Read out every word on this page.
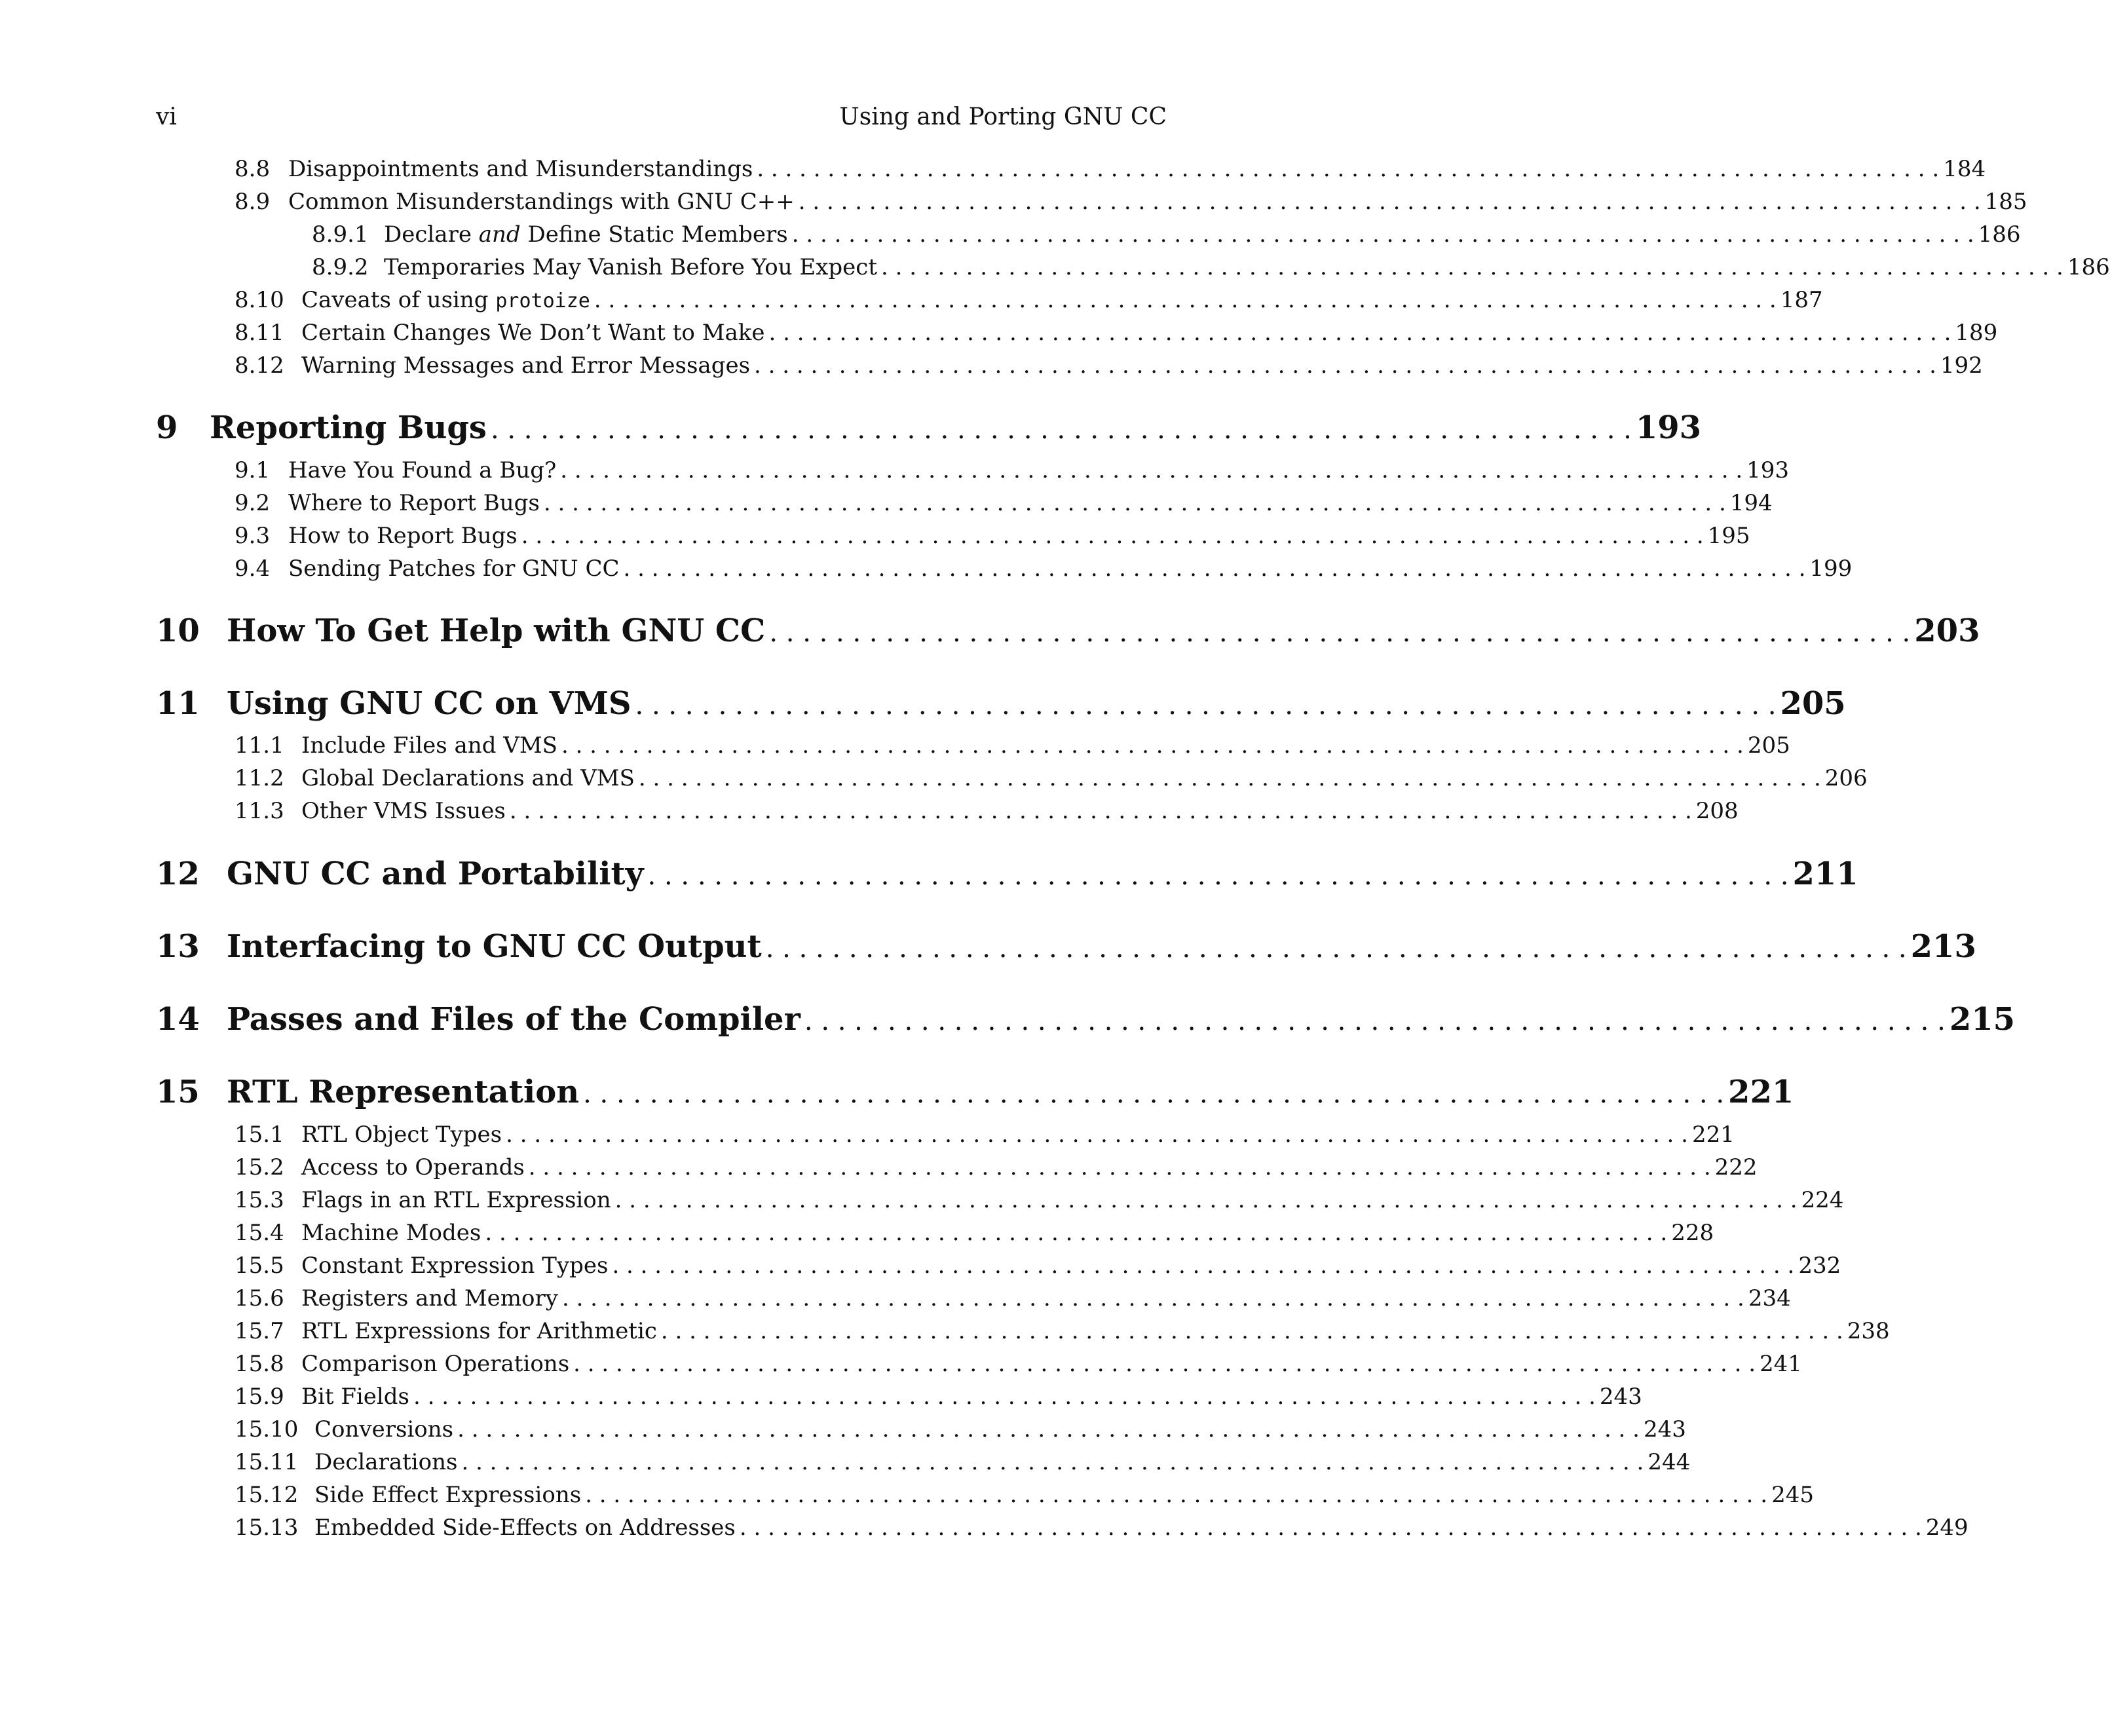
vi	Using and Porting GNU CC
8.8 Disappointments and Misunderstandings . . . . . . . . . . . . . . . . . . . . . . . . . . . . . . . . . . . . . . . . . . . . . . . . . . . . . . . . . . . . . . . . . . . . . . . . . . . . . . . . . . . . 184
8.9 Common Misunderstandings with GNU C++ . . . . . . . . . . . . . . . . . . . . . . . . . . . . . . . . . . . . . . . . . . . . . . . . . . . . . . . . . . . . . . . . . . . . . . . . . . . . . . . . . . . . 185
8.9.1 Declare and Define Static Members . . . . . . . . . . . . . . . . . . . . . . . . . . . . . . . . . . . . . . . . . . . . . . . . . . . . . . . . . . . . . . . . . . . . . . . . . . . . . . . . . . . . 186
8.9.2 Temporaries May Vanish Before You Expect . . . . . . . . . . . . . . . . . . . . . . . . . . . . . . . . . . . . . . . . . . . . . . . . . . . . . . . . . . . . . . . . . . . . . . . . . . . . . . . . . . . . 186
8.10 Caveats of using protoize . . . . . . . . . . . . . . . . . . . . . . . . . . . . . . . . . . . . . . . . . . . . . . . . . . . . . . . . . . . . . . . . . . . . . . . . . . . . . . . . . . . . 187
8.11 Certain Changes We Don’t Want to Make . . . . . . . . . . . . . . . . . . . . . . . . . . . . . . . . . . . . . . . . . . . . . . . . . . . . . . . . . . . . . . . . . . . . . . . . . . . . . . . . . . . . 189
8.12 Warning Messages and Error Messages . . . . . . . . . . . . . . . . . . . . . . . . . . . . . . . . . . . . . . . . . . . . . . . . . . . . . . . . . . . . . . . . . . . . . . . . . . . . . . . . . . . . 192
9	Reporting Bugs . . . . . . . . . . . . . . . . . . . . . . . . . . . . . . . . . . . . . . . . . . . . . . . . . . . . . . . . . . . . . . . . . . . . . 193
9.1 Have You Found a Bug? . . . . . . . . . . . . . . . . . . . . . . . . . . . . . . . . . . . . . . . . . . . . . . . . . . . . . . . . . . . . . . . . . . . . . . . . . . . . . . . . . . . . 193
9.2 Where to Report Bugs . . . . . . . . . . . . . . . . . . . . . . . . . . . . . . . . . . . . . . . . . . . . . . . . . . . . . . . . . . . . . . . . . . . . . . . . . . . . . . . . . . . . 194
9.3 How to Report Bugs . . . . . . . . . . . . . . . . . . . . . . . . . . . . . . . . . . . . . . . . . . . . . . . . . . . . . . . . . . . . . . . . . . . . . . . . . . . . . . . . . . . . 195
9.4 Sending Patches for GNU CC . . . . . . . . . . . . . . . . . . . . . . . . . . . . . . . . . . . . . . . . . . . . . . . . . . . . . . . . . . . . . . . . . . . . . . . . . . . . . . . . . . . . 199
10 How To Get Help with GNU CC . . . . . . . . . . . . . . . . . . . . . . . . . . . . . . . . . . . . . . . . . . . . . . . . . . . . . . . . . . . . . . . . . . . . . 203
11 Using GNU CC on VMS . . . . . . . . . . . . . . . . . . . . . . . . . . . . . . . . . . . . . . . . . . . . . . . . . . . . . . . . . . . . . . . . . . . . . 205
11.1 Include Files and VMS . . . . . . . . . . . . . . . . . . . . . . . . . . . . . . . . . . . . . . . . . . . . . . . . . . . . . . . . . . . . . . . . . . . . . . . . . . . . . . . . . . . . 205
11.2 Global Declarations and VMS . . . . . . . . . . . . . . . . . . . . . . . . . . . . . . . . . . . . . . . . . . . . . . . . . . . . . . . . . . . . . . . . . . . . . . . . . . . . . . . . . . . . 206
11.3 Other VMS Issues . . . . . . . . . . . . . . . . . . . . . . . . . . . . . . . . . . . . . . . . . . . . . . . . . . . . . . . . . . . . . . . . . . . . . . . . . . . . . . . . . . . . 208
12 GNU CC and Portability . . . . . . . . . . . . . . . . . . . . . . . . . . . . . . . . . . . . . . . . . . . . . . . . . . . . . . . . . . . . . . . . . . . . . 211
13 Interfacing to GNU CC Output . . . . . . . . . . . . . . . . . . . . . . . . . . . . . . . . . . . . . . . . . . . . . . . . . . . . . . . . . . . . . . . . . . . . . 213
14 Passes and Files of the Compiler . . . . . . . . . . . . . . . . . . . . . . . . . . . . . . . . . . . . . . . . . . . . . . . . . . . . . . . . . . . . . . . . . . . . . 215
15 RTL Representation . . . . . . . . . . . . . . . . . . . . . . . . . . . . . . . . . . . . . . . . . . . . . . . . . . . . . . . . . . . . . . . . . . . . . 221
15.1 RTL Object Types . . . . . . . . . . . . . . . . . . . . . . . . . . . . . . . . . . . . . . . . . . . . . . . . . . . . . . . . . . . . . . . . . . . . . . . . . . . . . . . . . . . . 221
15.2 Access to Operands . . . . . . . . . . . . . . . . . . . . . . . . . . . . . . . . . . . . . . . . . . . . . . . . . . . . . . . . . . . . . . . . . . . . . . . . . . . . . . . . . . . . 222
15.3 Flags in an RTL Expression . . . . . . . . . . . . . . . . . . . . . . . . . . . . . . . . . . . . . . . . . . . . . . . . . . . . . . . . . . . . . . . . . . . . . . . . . . . . . . . . . . . . 224
15.4 Machine Modes . . . . . . . . . . . . . . . . . . . . . . . . . . . . . . . . . . . . . . . . . . . . . . . . . . . . . . . . . . . . . . . . . . . . . . . . . . . . . . . . . . . . 228
15.5 Constant Expression Types . . . . . . . . . . . . . . . . . . . . . . . . . . . . . . . . . . . . . . . . . . . . . . . . . . . . . . . . . . . . . . . . . . . . . . . . . . . . . . . . . . . . 232
15.6 Registers and Memory . . . . . . . . . . . . . . . . . . . . . . . . . . . . . . . . . . . . . . . . . . . . . . . . . . . . . . . . . . . . . . . . . . . . . . . . . . . . . . . . . . . . 234
15.7 RTL Expressions for Arithmetic . . . . . . . . . . . . . . . . . . . . . . . . . . . . . . . . . . . . . . . . . . . . . . . . . . . . . . . . . . . . . . . . . . . . . . . . . . . . . . . . . . . . 238
15.8 Comparison Operations . . . . . . . . . . . . . . . . . . . . . . . . . . . . . . . . . . . . . . . . . . . . . . . . . . . . . . . . . . . . . . . . . . . . . . . . . . . . . . . . . . . . 241
15.9 Bit Fields . . . . . . . . . . . . . . . . . . . . . . . . . . . . . . . . . . . . . . . . . . . . . . . . . . . . . . . . . . . . . . . . . . . . . . . . . . . . . . . . . . . . 243
15.10 Conversions . . . . . . . . . . . . . . . . . . . . . . . . . . . . . . . . . . . . . . . . . . . . . . . . . . . . . . . . . . . . . . . . . . . . . . . . . . . . . . . . . . . . 243
15.11 Declarations . . . . . . . . . . . . . . . . . . . . . . . . . . . . . . . . . . . . . . . . . . . . . . . . . . . . . . . . . . . . . . . . . . . . . . . . . . . . . . . . . . . . 244
15.12 Side Effect Expressions . . . . . . . . . . . . . . . . . . . . . . . . . . . . . . . . . . . . . . . . . . . . . . . . . . . . . . . . . . . . . . . . . . . . . . . . . . . . . . . . . . . . 245
15.13 Embedded Side-Effects on Addresses . . . . . . . . . . . . . . . . . . . . . . . . . . . . . . . . . . . . . . . . . . . . . . . . . . . . . . . . . . . . . . . . . . . . . . . . . . . . . . . . . . . . 249
